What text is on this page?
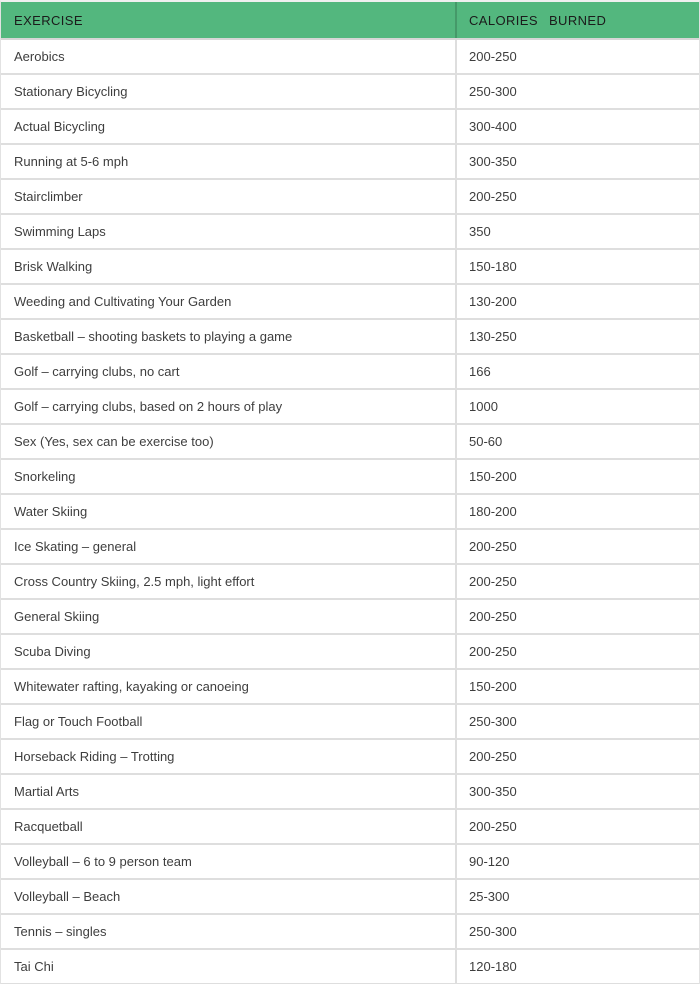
EXERCISE	CALORIES BURNED
Aerobics	200-250
Stationary Bicycling	250-300
Actual Bicycling	300-400
Running at 5-6 mph	300-350
Stairclimber	200-250
Swimming Laps	350
Brisk Walking	150-180
Weeding and Cultivating Your Garden	130-200
Basketball – shooting baskets to playing a game	130-250
Golf – carrying clubs, no cart	166
Golf – carrying clubs, based on 2 hours of play	1000
Sex (Yes, sex can be exercise too)	50-60
Snorkeling	150-200
Water Skiing	180-200
Ice Skating – general	200-250
Cross Country Skiing, 2.5 mph, light effort	200-250
General Skiing	200-250
Scuba Diving	200-250
Whitewater rafting, kayaking or canoeing	150-200
Flag or Touch Football	250-300
Horseback Riding – Trotting	200-250
Martial Arts	300-350
Racquetball	200-250
Volleyball – 6 to 9 person team	90-120
Volleyball – Beach	25-300
Tennis – singles	250-300
Tai Chi	120-180
